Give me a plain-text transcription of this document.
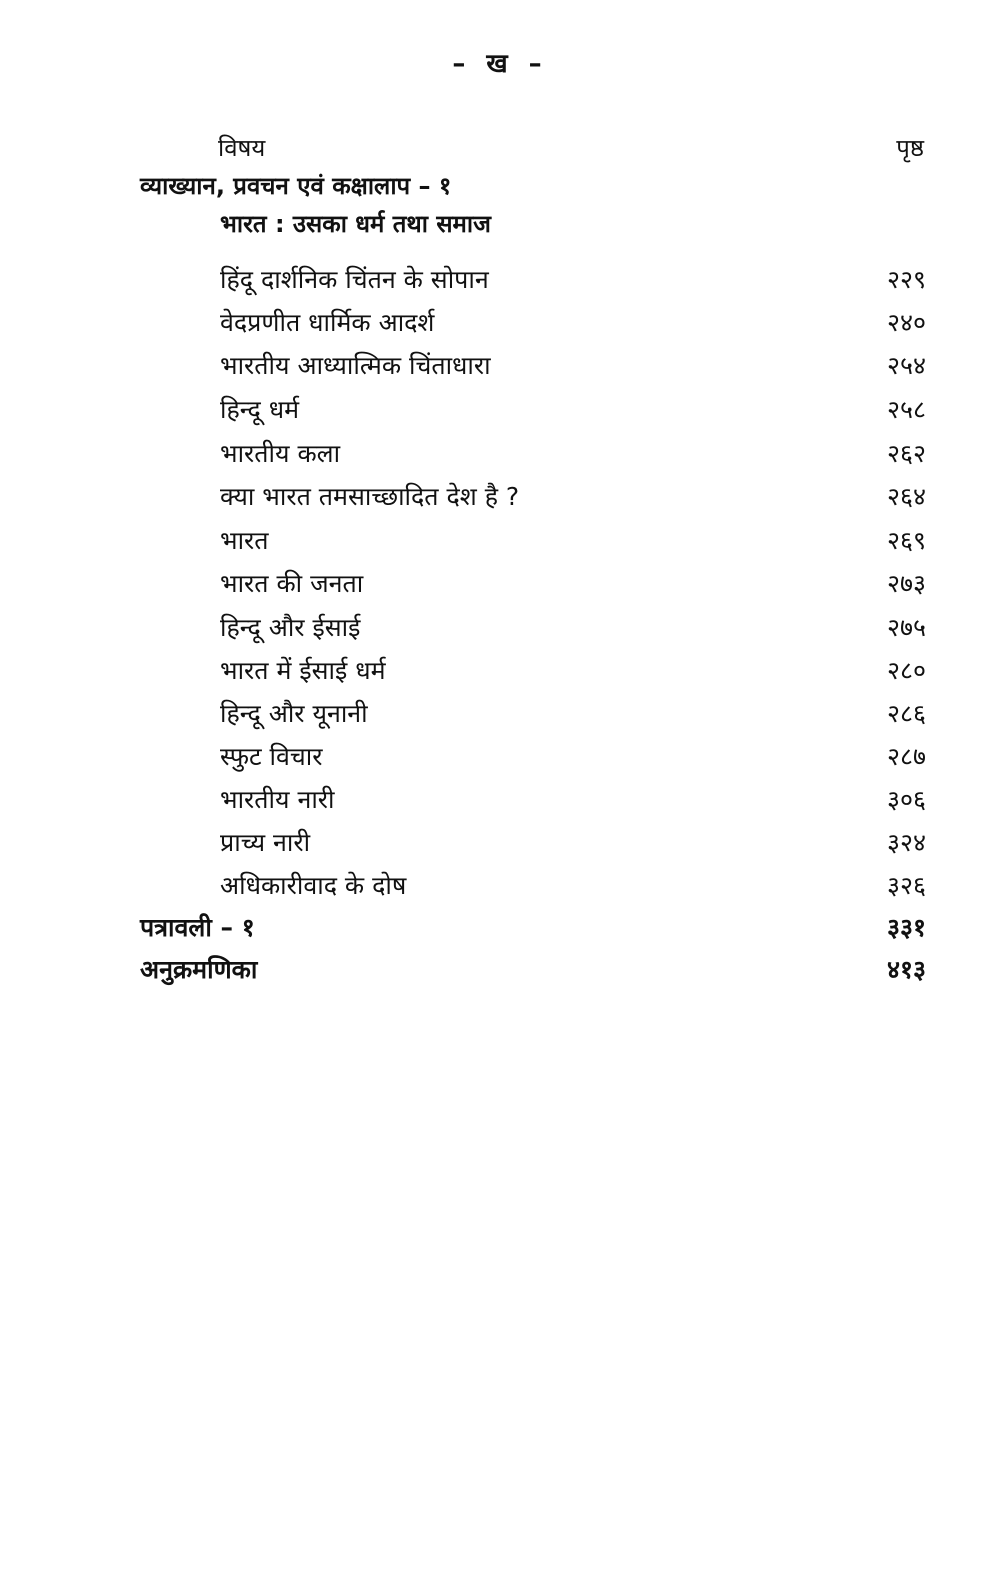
– ख –
विषय	पृष्ठ
व्याख्यान, प्रवचन एवं कक्षालाप – १
भारत : उसका धर्म तथा समाज
हिंदू दार्शनिक चिंतन के सोपान	२२९
वेदप्रणीत धार्मिक आदर्श	२४०
भारतीय आध्यात्मिक चिंताधारा	२५४
हिन्दू धर्म	२५८
भारतीय कला	२६२
क्या भारत तमसाच्छादित देश है ?	२६४
भारत	२६९
भारत की जनता	२७३
हिन्दू और ईसाई	२७५
भारत में ईसाई धर्म	२८०
हिन्दू और यूनानी	२८६
स्फुट विचार	२८७
भारतीय नारी	३०६
प्राच्य नारी	३२४
अधिकारीवाद के दोष	३२६
पत्रावली – १	३३१
अनुक्रमणिका	४१३
